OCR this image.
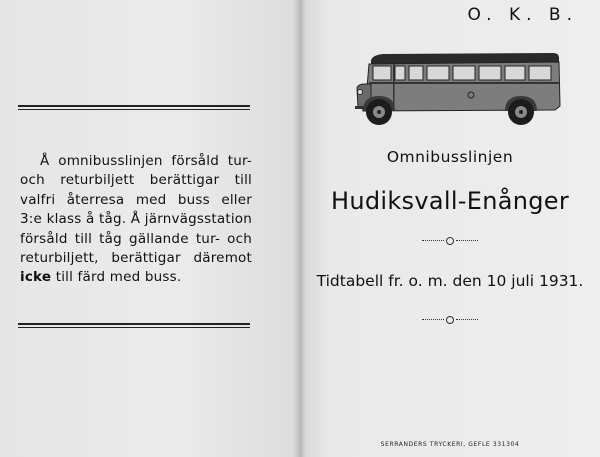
Å omnibusslinjen försåld tur-
och returbiljett berättigar till
valfri återresa med buss eller
3:e klass å tåg. Å järnvägsstation
försåld till tåg gällande tur- och
returbiljett, berättigar däremot
icke till färd med buss.
O. K. B.
Omnibusslinjen
Hudiksvall-Enånger
Tidtabell fr. o. m. den 10 juli 1931.
SERRANDERS TRYCKERI, GEFLE 331304
